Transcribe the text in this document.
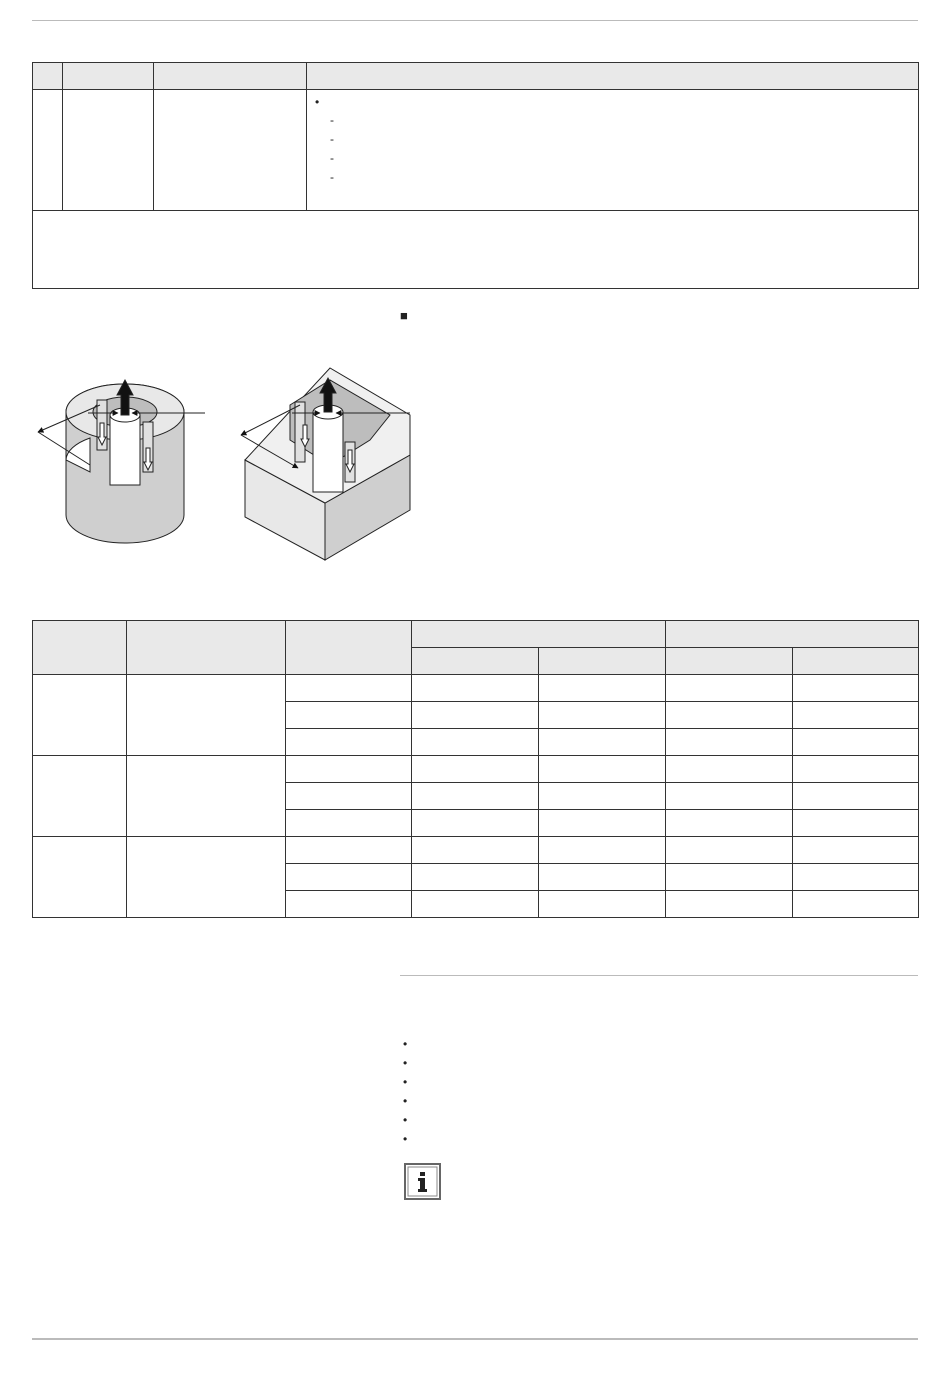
•
-
-
-
-
■

•
•
•
•
•
•
